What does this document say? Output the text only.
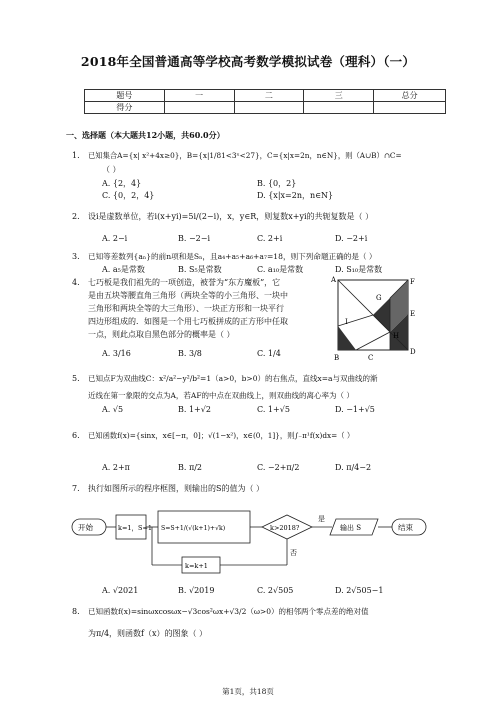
2018年全国普通高等学校高考数学模拟试卷（理科）（一）
题号	一	二	三	总分
得分				
一、选择题（本大题共12小题，共60.0分）
1. 已知集合A={x| x²+4x≥0}，B={x|1/81<3ˣ<27}，C={x|x=2n，n∈N}，则（A∪B）∩C=
（ ）
A. {2，4}	B. {0，2}
C. {0，2，4}	D. {x|x=2n，n∈N}
2. 设i是虚数单位，若i(x+yi)=5i/(2−i)，x，y∈R，则复数x+yi的共轭复数是（ ）
A. 2−i	B. −2−i	C. 2+i	D. −2+i
3. 已知等差数列{aₙ}的前n项和是Sₙ，且a₄+a₅+a₆+a₇=18，则下列命题正确的是（ ）
A. a₅是常数	B. S₅是常数	C. a₁₀是常数	D. S₁₀是常数
4. 七巧板是我们祖先的一项创造，被誉为“东方魔板”，它
是由五块等腰直角三角形（两块全等的小三角形、一块中
三角形和两块全等的大三角形）、一块正方形和一块平行
四边形组成的．如图是一个用七巧板拼成的正方形中任取
一点，则此点取自黑色部分的概率是（ ）
A. 3/16	B. 3/8	C. 1/4
A	F
G
E
I
H
D
B	C
5. 已知点F为双曲线C：x²/a²−y²/b²=1（a>0，b>0）的右焦点，直线x=a与双曲线的渐
近线在第一象限的交点为A，若AF的中点在双曲线上，则双曲线的离心率为（ ）
A. √5	B. 1+√2	C. 1+√5	D. −1+√5
6. 已知函数f(x)={sinx，x∈[−π，0]；√(1−x²)，x∈(0，1]}，则∫₋π¹f(x)dx=（ ）
A. 2+π	B. π/2	C. −2+π/2	D. π/4−2
7. 执行如图所示的程序框图，则输出的S的值为（ ）
开始	k=1，S=1 S=S+1/(√(k+1)+√k)	k>2018?
是
输出 S	结束
否
k=k+1
A. √2021	B. √2019	C. 2√505	D. 2√505−1
8. 已知函数f(x)=sinωxcosωx−√3cos²ωx+√3/2（ω>0）的相邻两个零点差的绝对值
为π/4，则函数f（x）的图象（ ）
第1页，共18页
